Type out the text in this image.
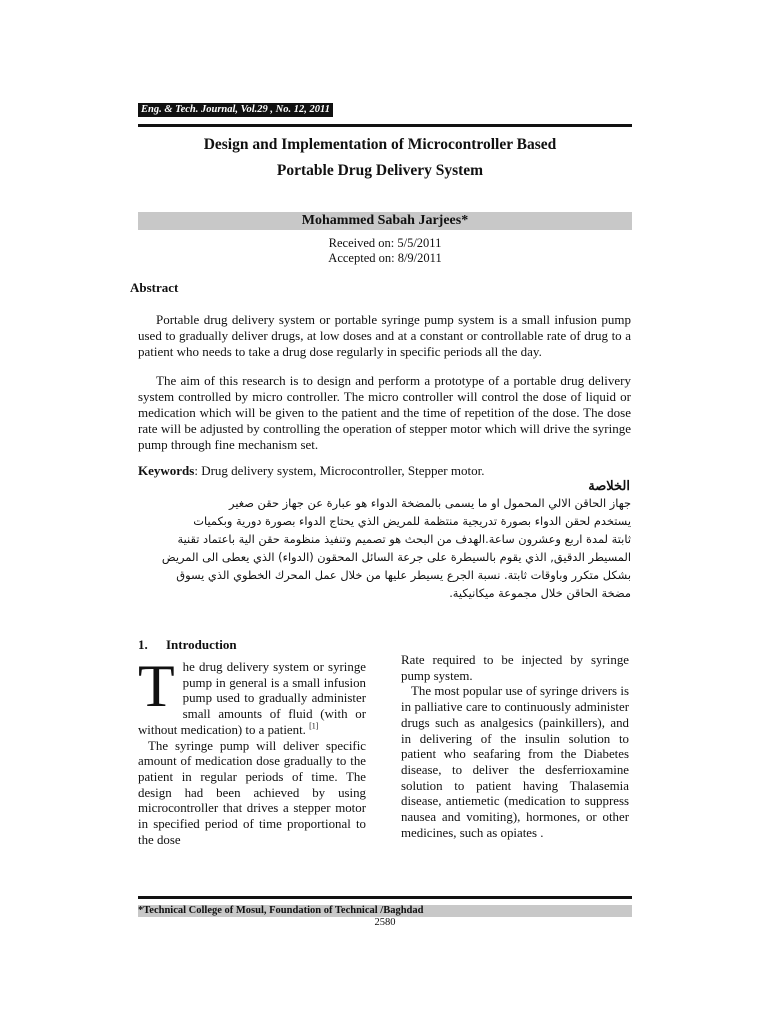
Eng. & Tech. Journal, Vol.29 , No. 12, 2011
Design and Implementation of Microcontroller Based
Portable Drug Delivery System
Mohammed Sabah Jarjees*
Received on: 5/5/2011
Accepted on: 8/9/2011
Abstract
Portable drug delivery system or portable syringe pump system is a small infusion pump used to gradually deliver drugs, at low doses and at a constant or controllable rate of drug to a patient who needs to take a drug dose regularly in specific periods all the day.
The aim of this research is to design and perform a prototype of a portable drug delivery system controlled by micro controller. The micro controller will control the dose of liquid or medication which will be given to the patient and the time of repetition of the dose. The dose rate will be adjusted by controlling the operation of stepper motor which will drive the syringe pump through fine mechanism set.
Keywords: Drug delivery system, Microcontroller, Stepper motor.
الخلاصة
جهاز الحاقن الالي المحمول او ما يسمى بالمضخة الدواء هو عبارة عن جهاز حقن صغير
يستخدم لحقن الدواء بصورة تدريجية منتظمة للمريض الذي يحتاج الدواء بصورة دورية وبكميات
ثابتة لمدة اربع وعشرون ساعة.الهدف من البحث هو تصميم وتنفيذ منظومة حقن الية باعتماد تقنية
المسيطر الدقيق, الذي يقوم بالسيطرة على جرعة السائل المحقون (الدواء) الذي يعطى الى المريض
بشكل متكرر وباوقات ثابتة. نسبة الجرع يسيطر عليها من خلال عمل المحرك الخطوي الذي يسوق
مضخة الحاقن خلال مجموعة ميكانيكية.
1. Introduction
The drug delivery system or syringe pump in general is a small infusion pump used to gradually administer small amounts of fluid (with or without medication) to a patient. [1]
The syringe pump will deliver specific amount of medication dose gradually to the patient in regular periods of time. The design had been achieved by using microcontroller that drives a stepper motor in specified period of time proportional to the dose
Rate required to be injected by syringe pump system.
The most popular use of syringe drivers is in palliative care to continuously administer drugs such as analgesics (painkillers), and in delivering of the insulin solution to patient who seafaring from the Diabetes disease, to deliver the desferrioxamine solution to patient having Thalasemia disease, antiemetic (medication to suppress nausea and vomiting), hormones, or other medicines, such as opiates .
*Technical College of Mosul, Foundation of Technical /Baghdad
2580
